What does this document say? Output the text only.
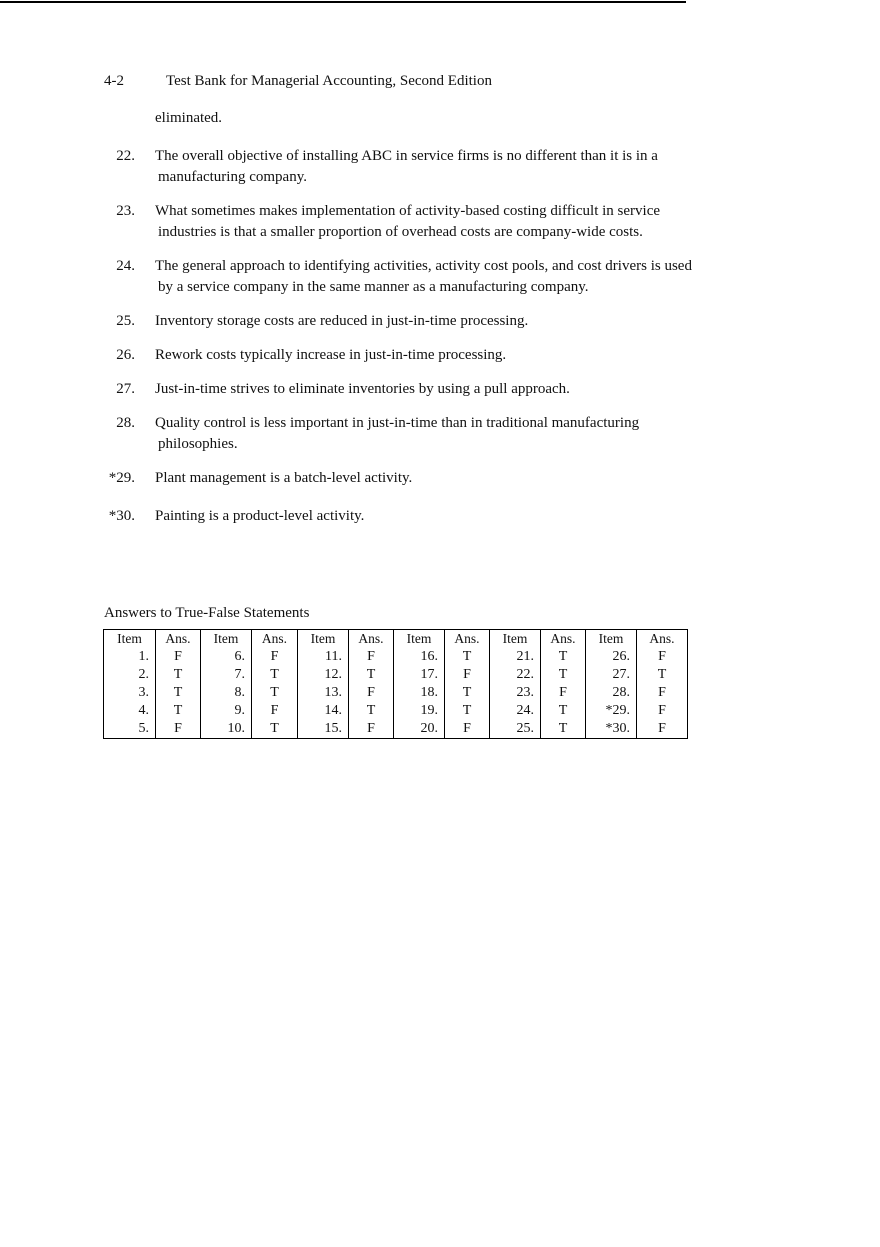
4-2	Test Bank for Managerial Accounting, Second Edition
eliminated.
22. The overall objective of installing ABC in service firms is no different than it is in a
manufacturing company.
23. What sometimes makes implementation of activity-based costing difficult in service
industries is that a smaller proportion of overhead costs are company-wide costs.
24. The general approach to identifying activities, activity cost pools, and cost drivers is used
by a service company in the same manner as a manufacturing company.
25. Inventory storage costs are reduced in just-in-time processing.
26. Rework costs typically increase in just-in-time processing.
27. Just-in-time strives to eliminate inventories by using a pull approach.
28. Quality control is less important in just-in-time than in traditional manufacturing
philosophies.
*29. Plant management is a batch-level activity.
*30. Painting is a product-level activity.
Answers to True-False Statements
Item	Ans.	Item	Ans.	Item	Ans.	Item	Ans.	Item	Ans.	Item	Ans.
1.	F	6.	F	11.	F	16.	T	21.	T	26.	F
2.	T	7.	T	12.	T	17.	F	22.	T	27.	T
3.	T	8.	T	13.	F	18.	T	23.	F	28.	F
4.	T	9.	F	14.	T	19.	T	24.	T	*29.	F
5.	F	10.	T	15.	F	20.	F	25.	T	*30.	F
